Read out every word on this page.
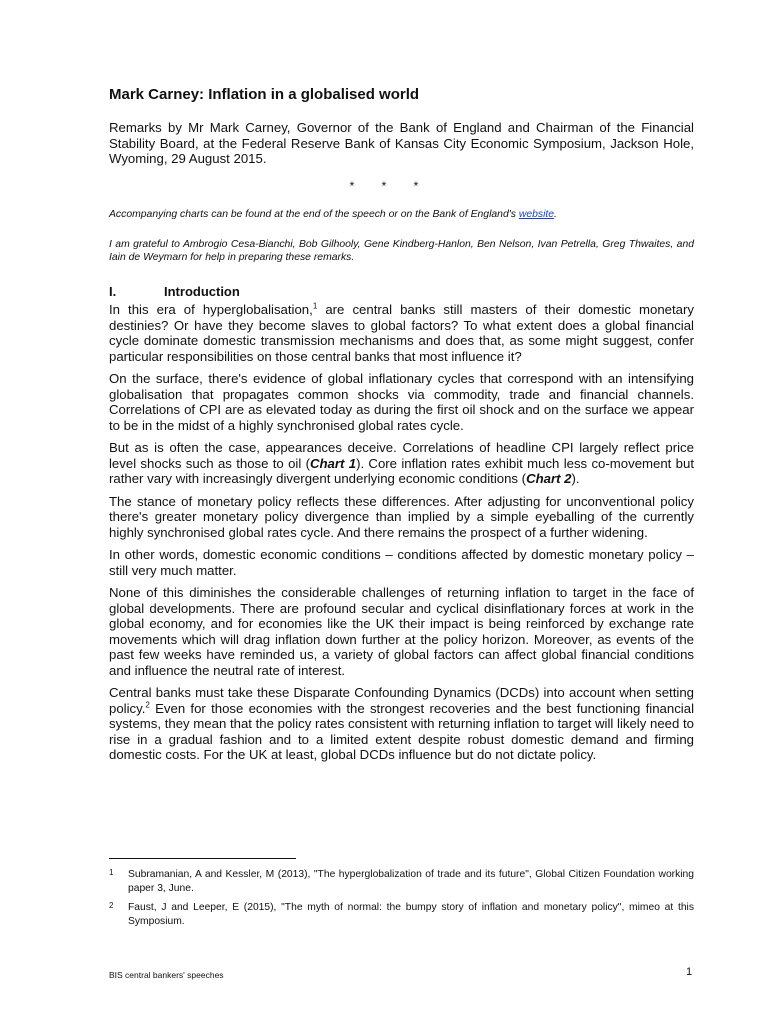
Mark Carney: Inflation in a globalised world

Remarks by Mr Mark Carney, Governor of the Bank of England and Chairman of the Financial Stability Board, at the Federal Reserve Bank of Kansas City Economic Symposium, Jackson Hole, Wyoming, 29 August 2015.

* * *

Accompanying charts can be found at the end of the speech or on the Bank of England's website.

I am grateful to Ambrogio Cesa-Bianchi, Bob Gilhooly, Gene Kindberg-Hanlon, Ben Nelson, Ivan Petrella, Greg Thwaites, and Iain de Weymarn for help in preparing these remarks.

I.	Introduction

In this era of hyperglobalisation,$^1$ are central banks still masters of their domestic monetary destinies? Or have they become slaves to global factors? To what extent does a global financial cycle dominate domestic transmission mechanisms and does that, as some might suggest, confer particular responsibilities on those central banks that most influence it?

On the surface, there's evidence of global inflationary cycles that correspond with an intensifying globalisation that propagates common shocks via commodity, trade and financial channels. Correlations of CPI are as elevated today as during the first oil shock and on the surface we appear to be in the midst of a highly synchronised global rates cycle.

But as is often the case, appearances deceive. Correlations of headline CPI largely reflect price level shocks such as those to oil (Chart 1). Core inflation rates exhibit much less co-movement but rather vary with increasingly divergent underlying economic conditions (Chart 2).

The stance of monetary policy reflects these differences. After adjusting for unconventional policy there's greater monetary policy divergence than implied by a simple eyeballing of the currently highly synchronised global rates cycle. And there remains the prospect of a further widening.

In other words, domestic economic conditions – conditions affected by domestic monetary policy – still very much matter.

None of this diminishes the considerable challenges of returning inflation to target in the face of global developments. There are profound secular and cyclical disinflationary forces at work in the global economy, and for economies like the UK their impact is being reinforced by exchange rate movements which will drag inflation down further at the policy horizon. Moreover, as events of the past few weeks have reminded us, a variety of global factors can affect global financial conditions and influence the neutral rate of interest.

Central banks must take these Disparate Confounding Dynamics (DCDs) into account when setting policy.$^2$ Even for those economies with the strongest recoveries and the best functioning financial systems, they mean that the policy rates consistent with returning inflation to target will likely need to rise in a gradual fashion and to a limited extent despite robust domestic demand and firming domestic costs. For the UK at least, global DCDs influence but do not dictate policy.

1 Subramanian, A and Kessler, M (2013), "The hyperglobalization of trade and its future", Global Citizen Foundation working paper 3, June.

2 Faust, J and Leeper, E (2015), "The myth of normal: the bumpy story of inflation and monetary policy", mimeo at this Symposium.

BIS central bankers' speeches	1
